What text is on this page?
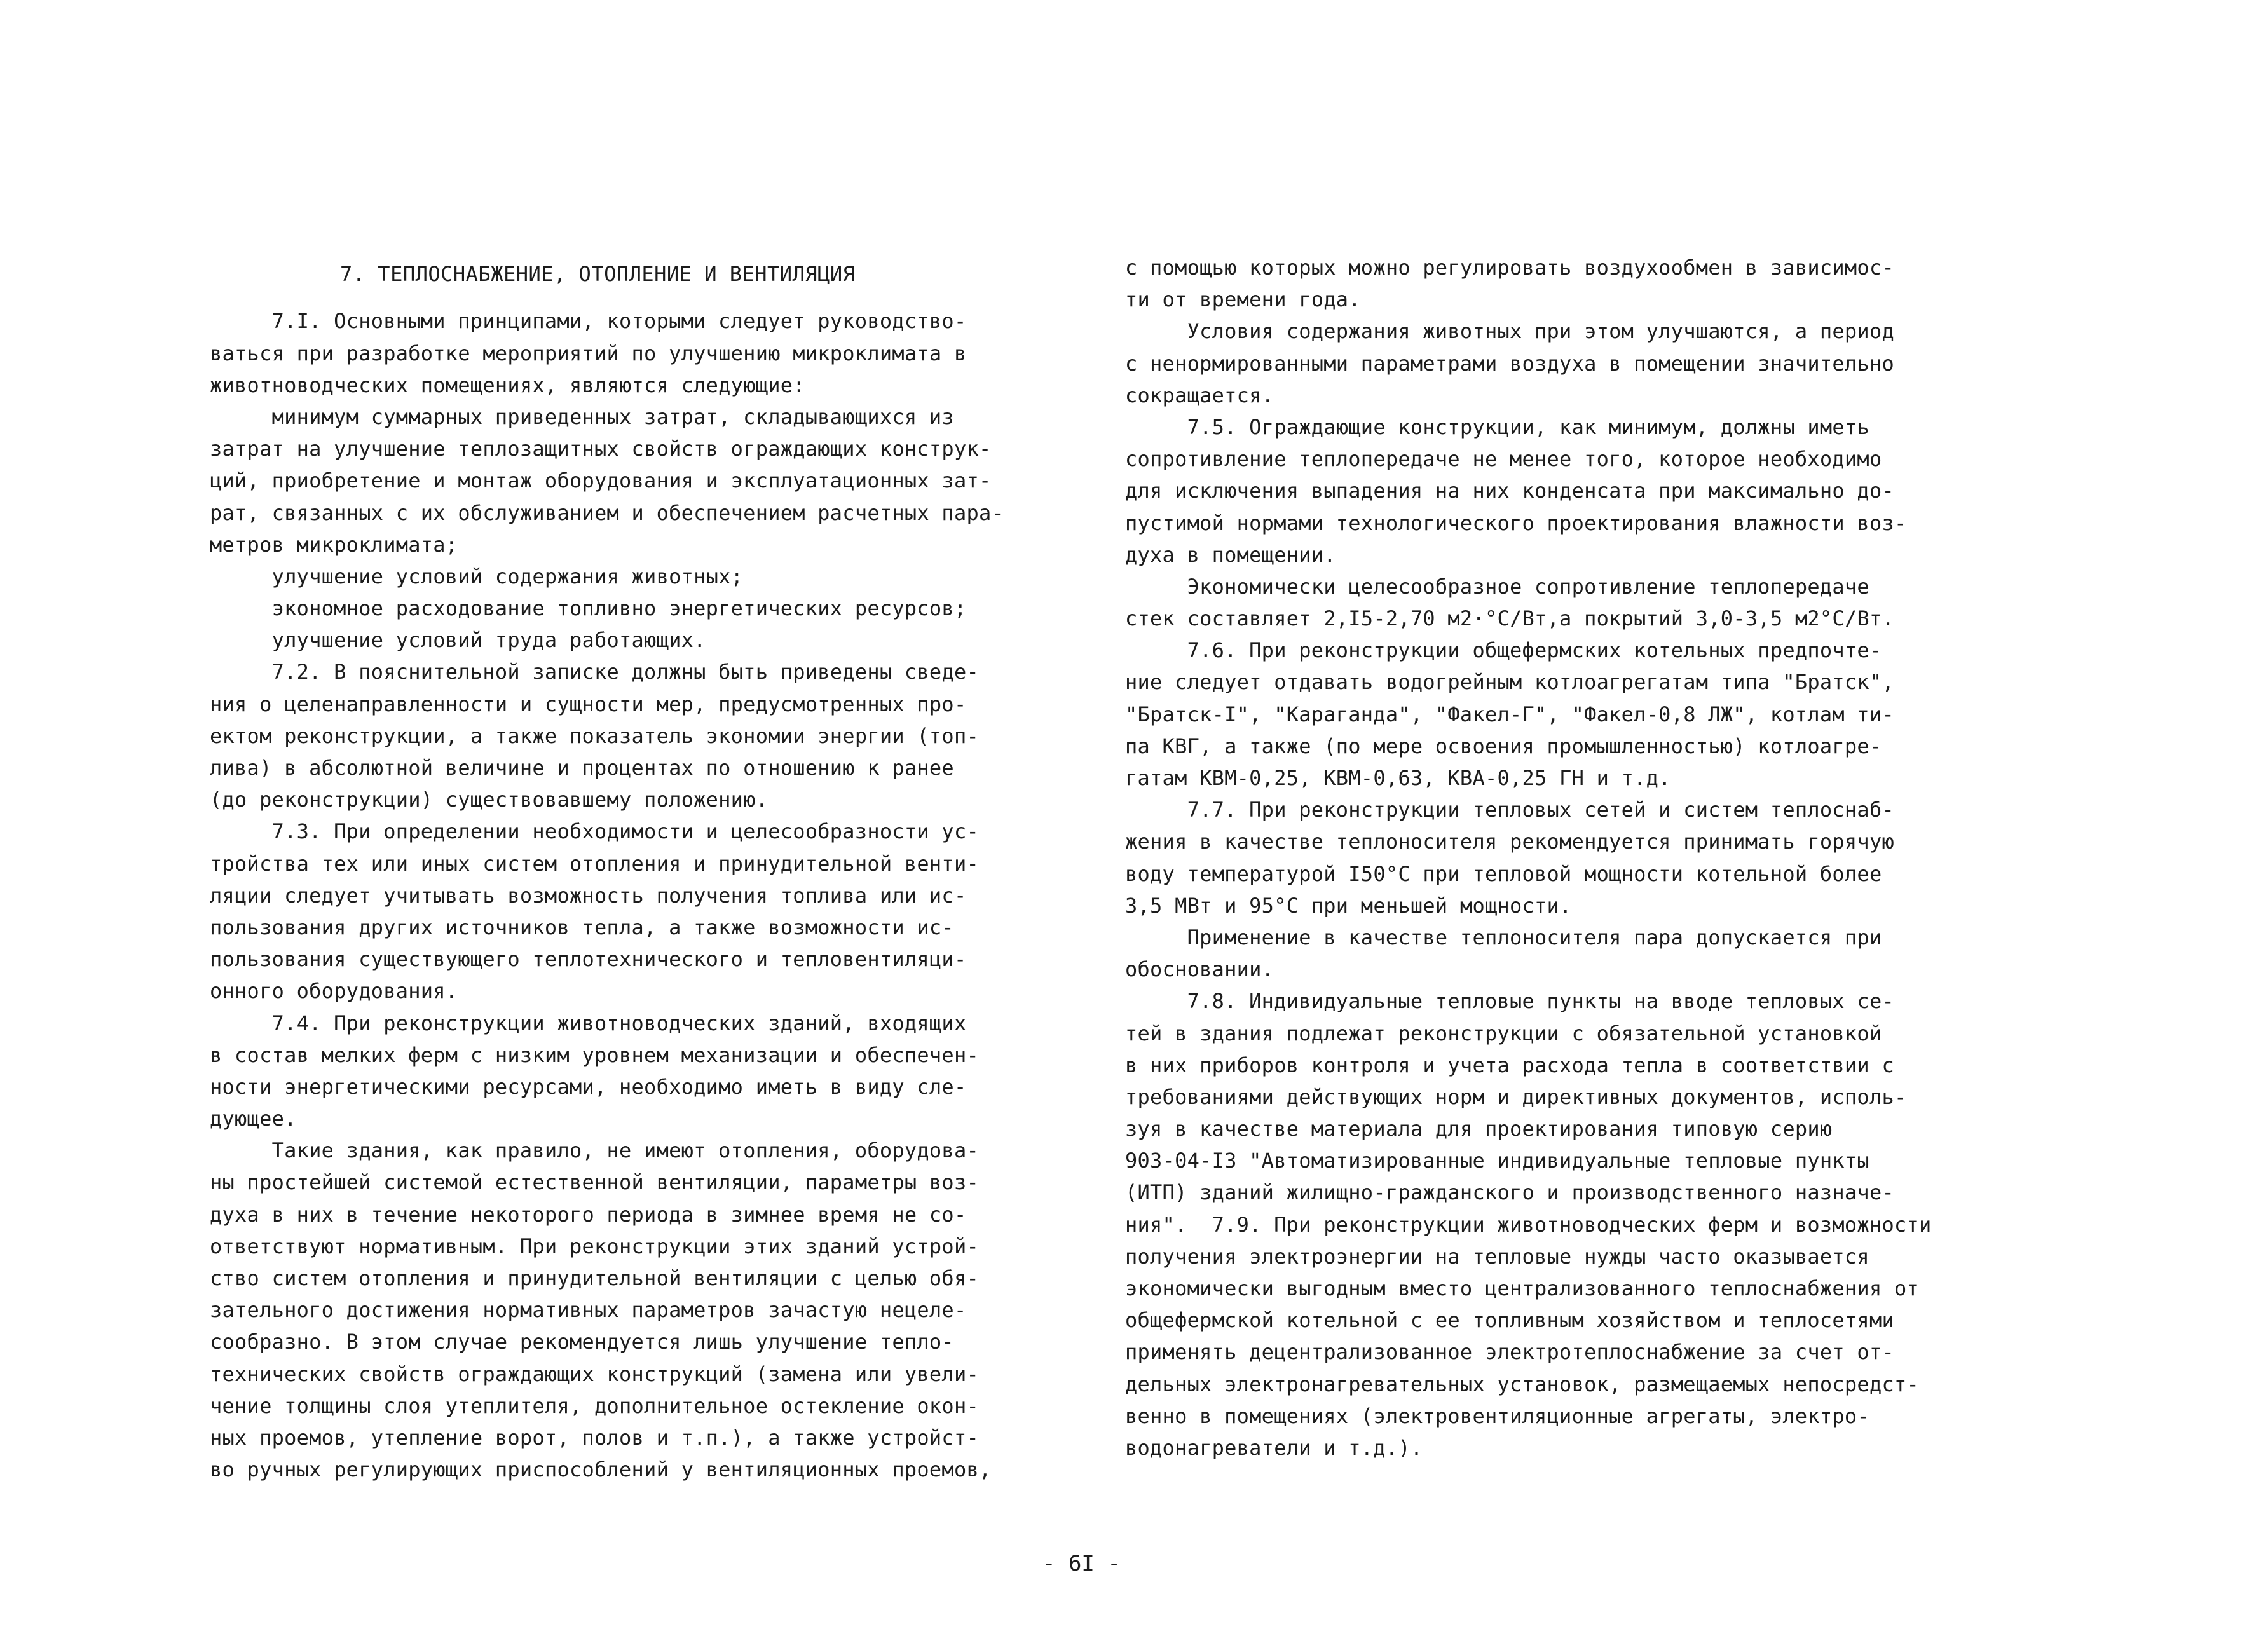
7. ТЕПЛОСНАБЖЕНИЕ, ОТОПЛЕНИЕ И ВЕНТИЛЯЦИЯ
7.I. Основными принципами, которыми следует руководство-
ваться при разработке мероприятий по улучшению микроклимата в
животноводческих помещениях, являются следующие:
минимум суммарных приведенных затрат, складывающихся из
затрат на улучшение теплозащитных свойств ограждающих конструк-
ций, приобретение и монтаж оборудования и эксплуатационных зат-
рат, связанных с их обслуживанием и обеспечением расчетных пара-
метров микроклимата;
улучшение условий содержания животных;
экономное расходование топливно энергетических ресурсов;
улучшение условий труда работающих.
7.2. В пояснительной записке должны быть приведены сведе-
ния о целенаправленности и сущности мер, предусмотренных про-
ектом реконструкции, а также показатель экономии энергии (топ-
лива) в абсолютной величине и процентах по отношению к ранее
(до реконструкции) существовавшему положению.
7.3. При определении необходимости и целесообразности ус-
тройства тех или иных систем отопления и принудительной венти-
ляции следует учитывать возможность получения топлива или ис-
пользования других источников тепла, а также возможности ис-
пользования существующего теплотехнического и тепловентиляци-
онного оборудования.
7.4. При реконструкции животноводческих зданий, входящих
в состав мелких ферм с низким уровнем механизации и обеспечен-
ности энергетическими ресурсами, необходимо иметь в виду сле-
дующее.
Такие здания, как правило, не имеют отопления, оборудова-
ны простейшей системой естественной вентиляции, параметры воз-
духа в них в течение некоторого периода в зимнее время не со-
ответствуют нормативным. При реконструкции этих зданий устрой-
ство систем отопления и принудительной вентиляции с целью обя-
зательного достижения нормативных параметров зачастую нецеле-
сообразно. В этом случае рекомендуется лишь улучшение тепло-
технических свойств ограждающих конструкций (замена или увели-
чение толщины слоя утеплителя, дополнительное остекление окон-
ных проемов, утепление ворот, полов и т.п.), а также устройст-
во ручных регулирующих приспособлений у вентиляционных проемов,
с помощью которых можно регулировать воздухообмен в зависимос-
ти от времени года.
Условия содержания животных при этом улучшаются, а период
с ненормированными параметрами воздуха в помещении значительно
сокращается.
7.5. Ограждающие конструкции, как минимум, должны иметь
сопротивление теплопередаче не менее того, которое необходимо
для исключения выпадения на них конденсата при максимально до-
пустимой нормами технологического проектирования влажности воз-
духа в помещении.
Экономически целесообразное сопротивление теплопередаче
стек составляет 2,I5-2,70 м2·°С/Вт,а покрытий 3,0-3,5 м2°С/Вт.
7.6. При реконструкции общефермских котельных предпочте-
ние следует отдавать водогрейным котлоагрегатам типа "Братск",
"Братск-I", "Караганда", "Факел-Г", "Факел-0,8 ЛЖ", котлам ти-
па КВГ, а также (по мере освоения промышленностью) котлоагре-
гатам КВМ-0,25, КВМ-0,63, КВА-0,25 ГН и т.д.
7.7. При реконструкции тепловых сетей и систем теплоснаб-
жения в качестве теплоносителя рекомендуется принимать горячую
воду температурой I50°С при тепловой мощности котельной более
3,5 МВт и 95°С при меньшей мощности.
Применение в качестве теплоносителя пара допускается при
обосновании.
7.8. Индивидуальные тепловые пункты на вводе тепловых се-
тей в здания подлежат реконструкции с обязательной установкой
в них приборов контроля и учета расхода тепла в соответствии с
требованиями действующих норм и директивных документов, исполь-
зуя в качестве материала для проектирования типовую серию
903-04-I3 "Автоматизированные индивидуальные тепловые пункты
(ИТП) зданий жилищно-гражданского и производственного назначе-
ния".  7.9. При реконструкции животноводческих ферм и возможности
получения электроэнергии на тепловые нужды часто оказывается
экономически выгодным вместо централизованного теплоснабжения от
общефермской котельной с ее топливным хозяйством и теплосетями
применять децентрализованное электротеплоснабжение за счет от-
дельных электронагревательных установок, размещаемых непосредст-
венно в помещениях (электровентиляционные агрегаты, электро-
водонагреватели и т.д.).
- 6I -
